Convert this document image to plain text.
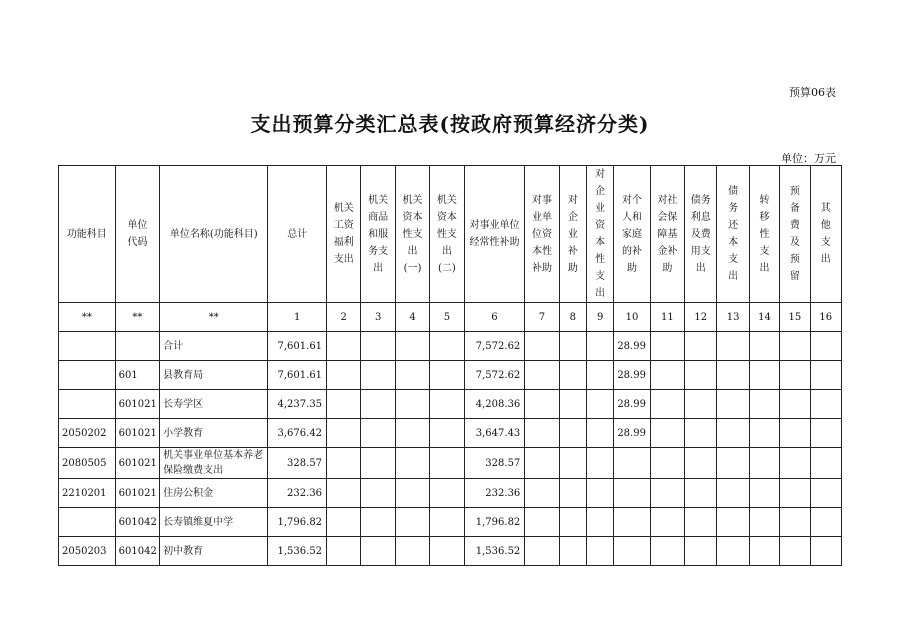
预算06表
支出预算分类汇总表(按政府预算经济分类)
单位：万元
功能科目	单位代码	单位名称(功能科目)	总计	机关工资福利支出	机关商品和服务支出	机关资本性支出(一)	机关资本性支出(二)	对事业单位经常性补助	对事业单位资本性补助	对企业补助	对企业资本性支出	对个人和家庭的补助	对社会保障基金补助	债务利息及费用支出	债务还本支出	转移性支出	预备费及预留	其他支出
**	**	**	1	2	3	4	5	6	7	8	9	10	11	12	13	14	15	16
		合计	7,601.61					7,572.62				28.99						
	601	县教育局	7,601.61					7,572.62				28.99						
	601021	长寿学区	4,237.35					4,208.36				28.99						
2050202	601021	小学教育	3,676.42					3,647.43				28.99						
2080505	601021	机关事业单位基本养老保险缴费支出	328.57					328.57										
2210201	601021	住房公积金	232.36					232.36										
	601042	长寿镇维夏中学	1,796.82					1,796.82										
2050203	601042	初中教育	1,536.52					1,536.52										
